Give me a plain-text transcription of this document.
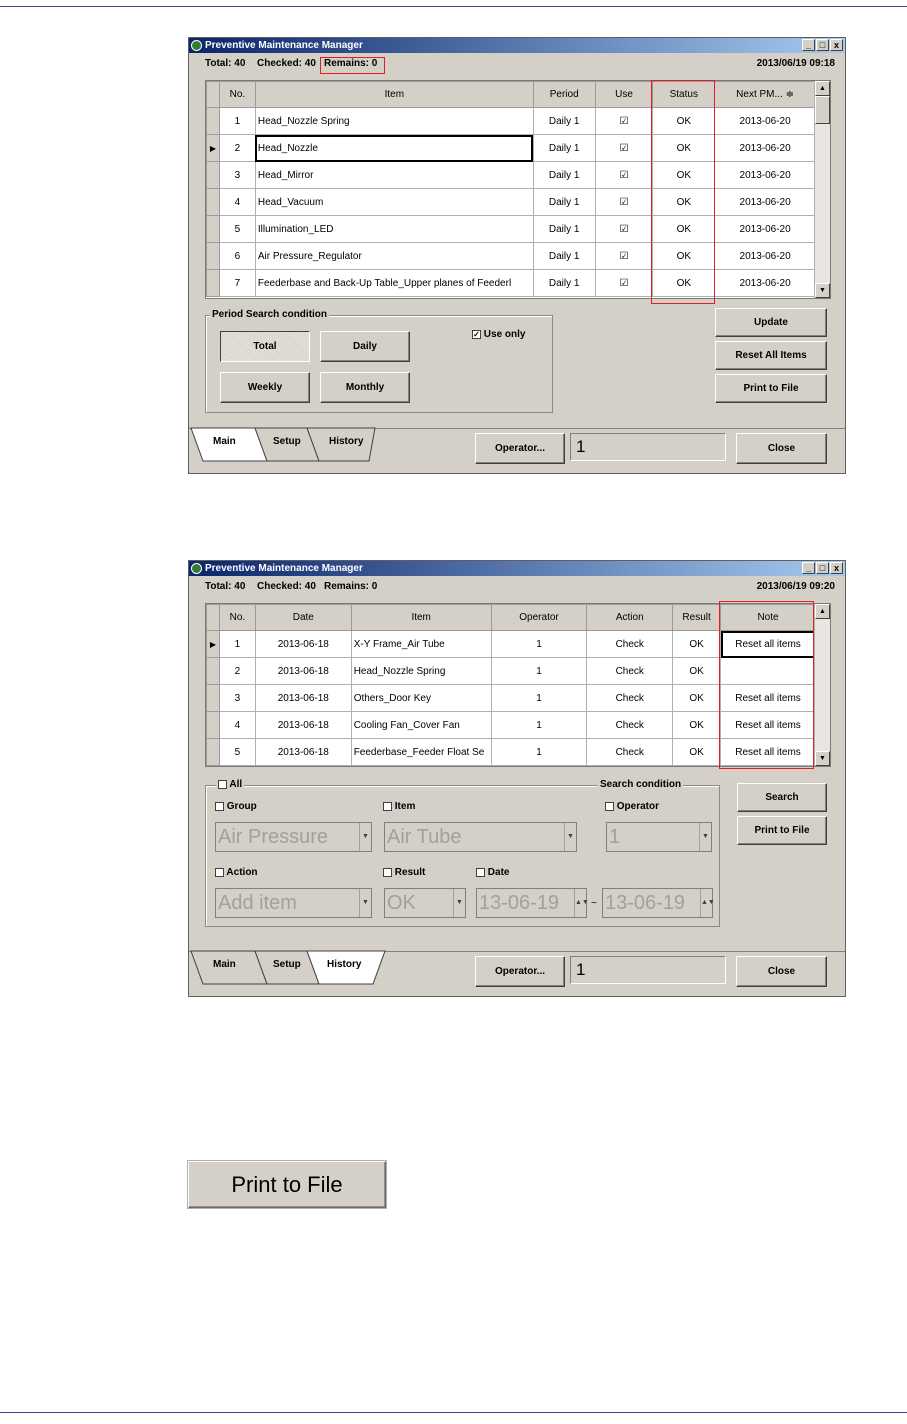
Preventive Maintenance Manager	_ □ x
Total: 40 Checked: 40 Remains: 0	2013/06/19 09:18
	No.	Item	Period	Use	Status	Next PM... ≑
	1	Head_Nozzle Spring	Daily 1	☑	OK	2013-06-20
▶	2	Head_Nozzle	Daily 1	☑	OK	2013-06-20
	3	Head_Mirror	Daily 1	☑	OK	2013-06-20
	4	Head_Vacuum	Daily 1	☑	OK	2013-06-20
	5	Illumination_LED	Daily 1	☑	OK	2013-06-20
	6	Air Pressure_Regulator	Daily 1	☑	OK	2013-06-20
	7	Feederbase and Back-Up Table_Upper planes of Feederl	Daily 1	☑	OK	2013-06-20
▲
▼
Period Search condition
Total	Daily
Weekly	Monthly
✓ Use only
Update
Reset All Items
Print to File
Main	Setup	History
Operator...	1	Close
Preventive Maintenance Manager	_ □ x
Total: 40 Checked: 40 Remains: 0	2013/06/19 09:20
	No.	Date	Item	Operator	Action	Result	Note
▶	1	2013-06-18	X-Y Frame_Air Tube	1	Check	OK	Reset all items
	2	2013-06-18	Head_Nozzle Spring	1	Check	OK	
	3	2013-06-18	Others_Door Key	1	Check	OK	Reset all items
	4	2013-06-18	Cooling Fan_Cover Fan	1	Check	OK	Reset all items
	5	2013-06-18	Feederbase_Feeder Float Se	1	Check	OK	Reset all items
▲
▼
All	Search condition
Group	Item	Operator
Air Pressure	▼ Air Tube	▼ 1	▼
Action	Result	Date
Add item	▼ OK	▼ 13-06-19 ▲▼ ~ 13-06-19 ▲▼
Search
Print to File
Main	Setup	History
Operator...	1	Close
Print to File
